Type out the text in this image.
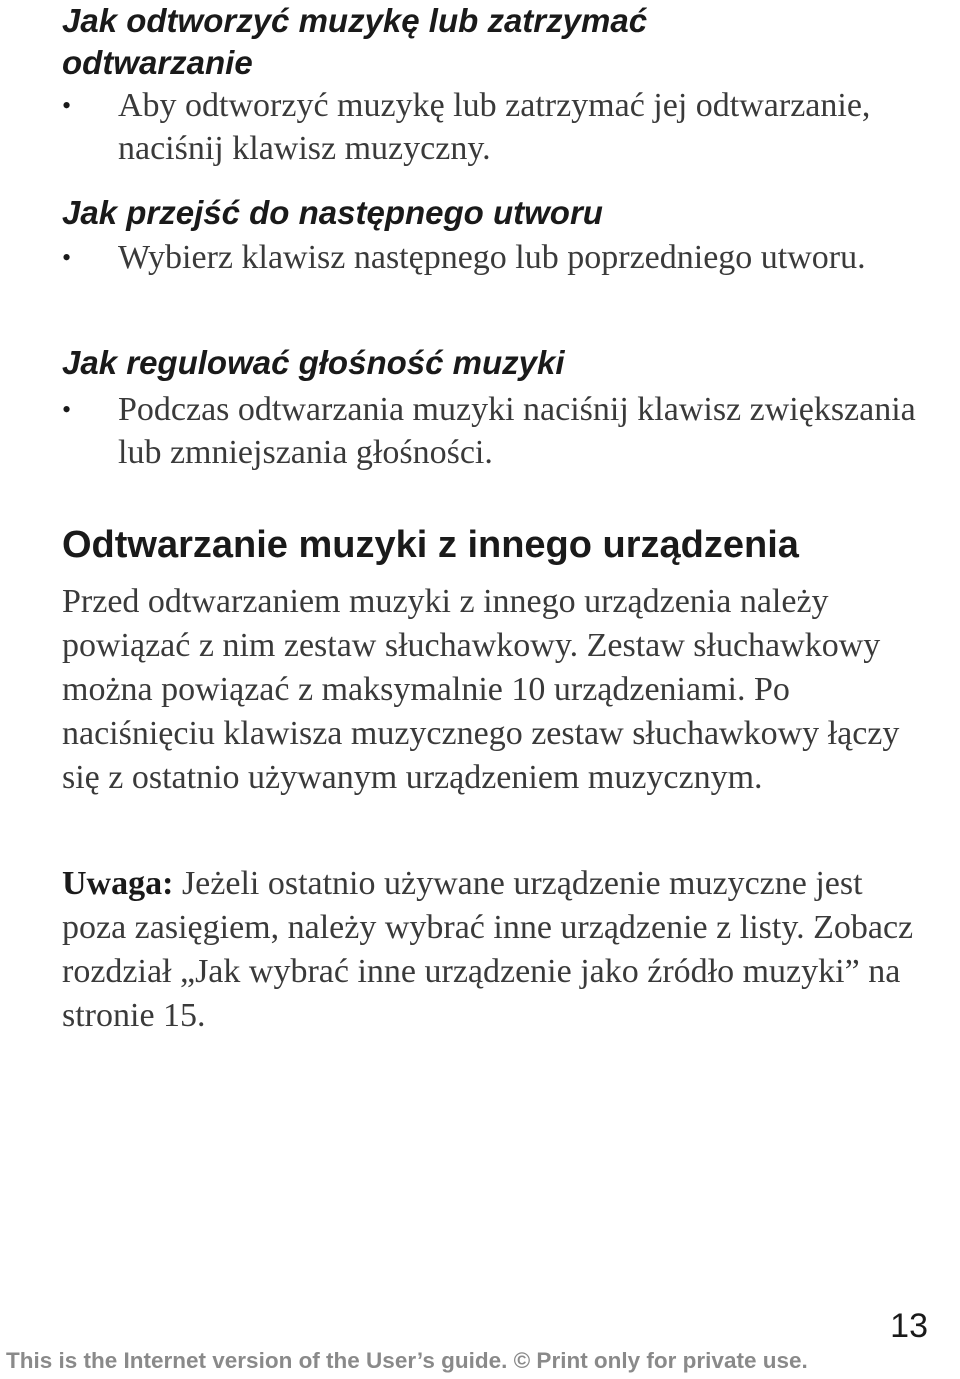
Jak odtworzyć muzykę lub zatrzymać odtwarzanie
•	Aby odtworzyć muzykę lub zatrzymać jej odtwarzanie, naciśnij klawisz muzyczny.
Jak przejść do następnego utworu
•	Wybierz klawisz następnego lub poprzedniego utworu.
Jak regulować głośność muzyki
•	Podczas odtwarzania muzyki naciśnij klawisz zwiększania lub zmniejszania głośności.
Odtwarzanie muzyki z innego urządzenia

Przed odtwarzaniem muzyki z innego urządzenia należy powiązać z nim zestaw słuchawkowy. Zestaw słuchawkowy można powiązać z maksymalnie 10 urządzeniami. Po naciśnięciu klawisza muzycznego zestaw słuchawkowy łączy się z ostatnio używanym urządzeniem muzycznym.

Uwaga: Jeżeli ostatnio używane urządzenie muzyczne jest poza zasięgiem, należy wybrać inne urządzenie z listy. Zobacz rozdział „Jak wybrać inne urządzenie jako źródło muzyki” na stronie 15.

13
This is the Internet version of the User’s guide. © Print only for private use.
